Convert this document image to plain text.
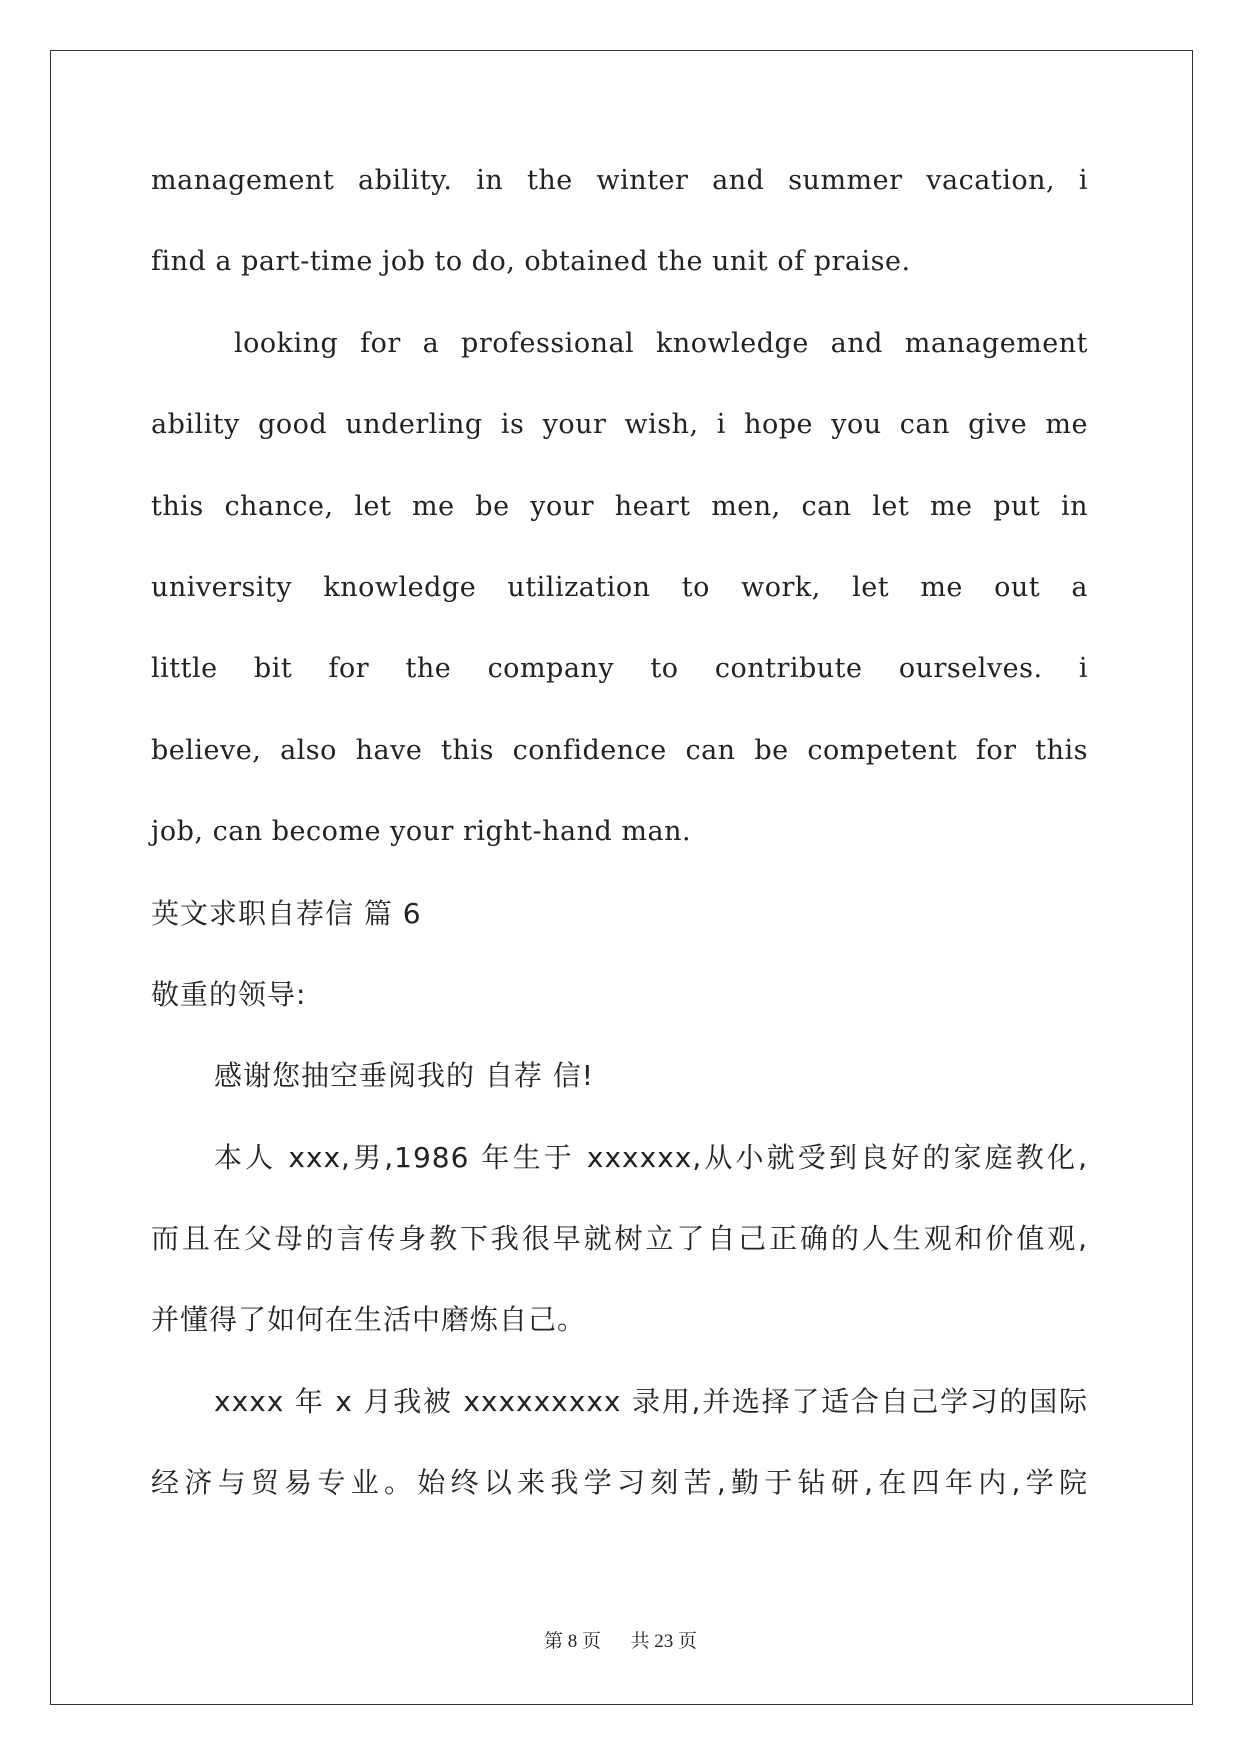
management ability. in the winter and summer vacation, i
find a part-time job to do, obtained the unit of praise.
looking for a professional knowledge and management
ability good underling is your wish, i hope you can give me
this chance, let me be your heart men, can let me put in
university knowledge utilization to work, let me out a
little bit for the company to contribute ourselves. i
believe, also have this confidence can be competent for this
job, can become your right-hand man.
英文求职自荐信 篇 6
敬重的领导:
感谢您抽空垂阅我的 自荐 信!
本人 xxx,男,1986 年生于 xxxxxx,从小就受到良好的家庭教化,
而且在父母的言传身教下我很早就树立了自己正确的人生观和价值观,
并懂得了如何在生活中磨炼自己。
xxxx 年 x 月我被 xxxxxxxxx 录用,并选择了适合自己学习的国际
经济与贸易专业。始终以来我学习刻苦,勤于钻研,在四年内,学院
第 8 页 共 23 页
